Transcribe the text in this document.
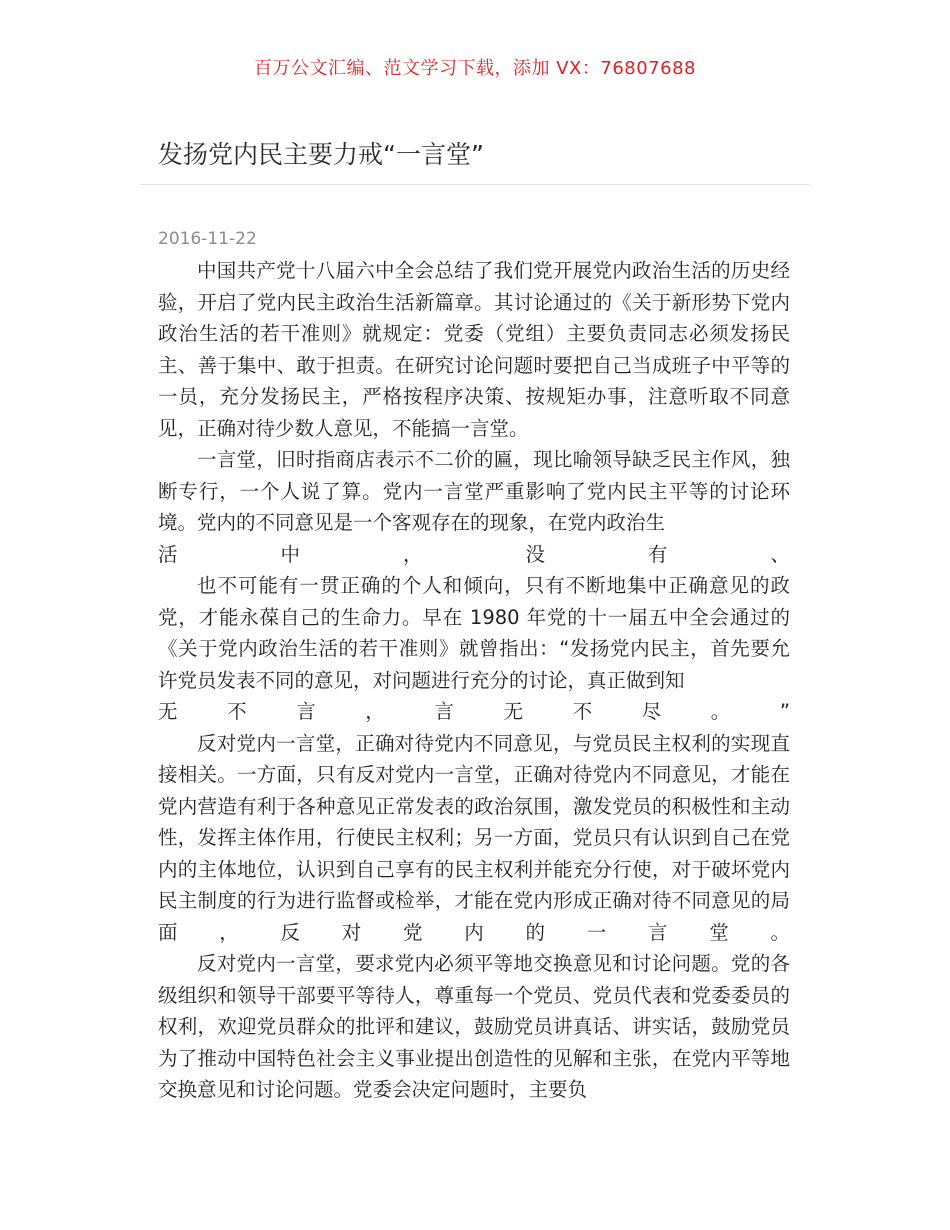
百万公文汇编、范文学习下载，添加 VX：76807688
发扬党内民主要力戒“一言堂”
2016-11-22

中国共产党十八届六中全会总结了我们党开展党内政治生活的历史经验，开启了党内民主政治生活新篇章。其讨论通过的《关于新形势下党内政治生活的若干准则》就规定：党委（党组）主要负责同志必须发扬民主、善于集中、敢于担责。在研究讨论问题时要把自己当成班子中平等的一员，充分发扬民主，严格按程序决策、按规矩办事，注意听取不同意见，正确对待少数人意见，不能搞一言堂。

一言堂，旧时指商店表示不二价的匾，现比喻领导缺乏民主作风，独断专行，一个人说了算。党内一言堂严重影响了党内民主平等的讨论环境。党内的不同意见是一个客观存在的现象，在党内政治生

活	中	，	没	有	、

也不可能有一贯正确的个人和倾向，只有不断地集中正确意见的政党，才能永葆自己的生命力。早在 1980 年党的十一届五中全会通过的《关于党内政治生活的若干准则》就曾指出：“发扬党内民主，首先要允许党员发表不同的意见，对问题进行充分的讨论，真正做到知

无	不	言	，	言	无	不	尽	。	”

反对党内一言堂，正确对待党内不同意见，与党员民主权利的实现直接相关。一方面，只有反对党内一言堂，正确对待党内不同意见，才能在党内营造有利于各种意见正常发表的政治氛围，激发党员的积极性和主动性，发挥主体作用，行使民主权利；另一方面，党员只有认识到自己在党内的主体地位，认识到自己享有的民主权利并能充分行使，对于破坏党内民主制度的行为进行监督或检举，才能在党内形成正确对待不同意见的局面，反对党内的一言堂。

反对党内一言堂，要求党内必须平等地交换意见和讨论问题。党的各级组织和领导干部要平等待人，尊重每一个党员、党员代表和党委委员的权利，欢迎党员群众的批评和建议，鼓励党员讲真话、讲实话，鼓励党员为了推动中国特色社会主义事业提出创造性的见解和主张，在党内平等地交换意见和讨论问题。党委会决定问题时，主要负
